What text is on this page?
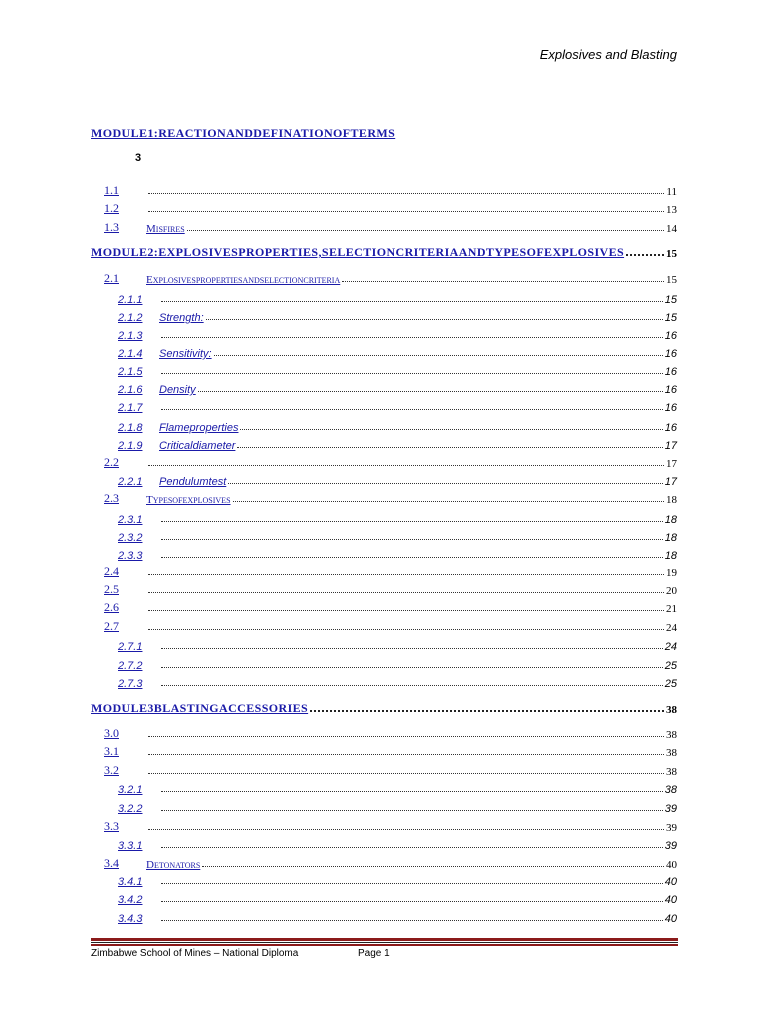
Explosives and Blasting
MODULE1:REACTIONANDDEFINATIONOFTERMS
1.1	11
1.2	13
1.3	Misfires	14
MODULE2:EXPLOSIVESPROPERTIES,SELECTIONCRITERIAANDTYPESOFEXPLOSIVES	15
2.1	Explosivespropertiesandselectioncriteria	15
2.1.1	15
2.1.2	Strength:	15
2.1.3	16
2.1.4	Sensitivity:	16
2.1.5	16
2.1.6	Density	16
2.1.7	16
2.1.8	Flameproperties	16
2.1.9	Criticaldiameter	17
2.2	17
2.2.1	Pendulumtest	17
2.3	Typesofexplosives	18
2.3.1	18
2.3.2	18
2.3.3	18
2.4	19
2.5	20
2.6	21
2.7	24
2.7.1	24
2.7.2	25
2.7.3	25
MODULE3BLASTINGACCESSORIES	38
3.0	38
3.1	38
3.2	38
3.2.1	38
3.2.2	39
3.3	39
3.3.1	39
3.4	Detonators	40
3.4.1	40
3.4.2	40
3.4.3	40
3
Zimbabwe School of Mines – National Diploma	Page 1
